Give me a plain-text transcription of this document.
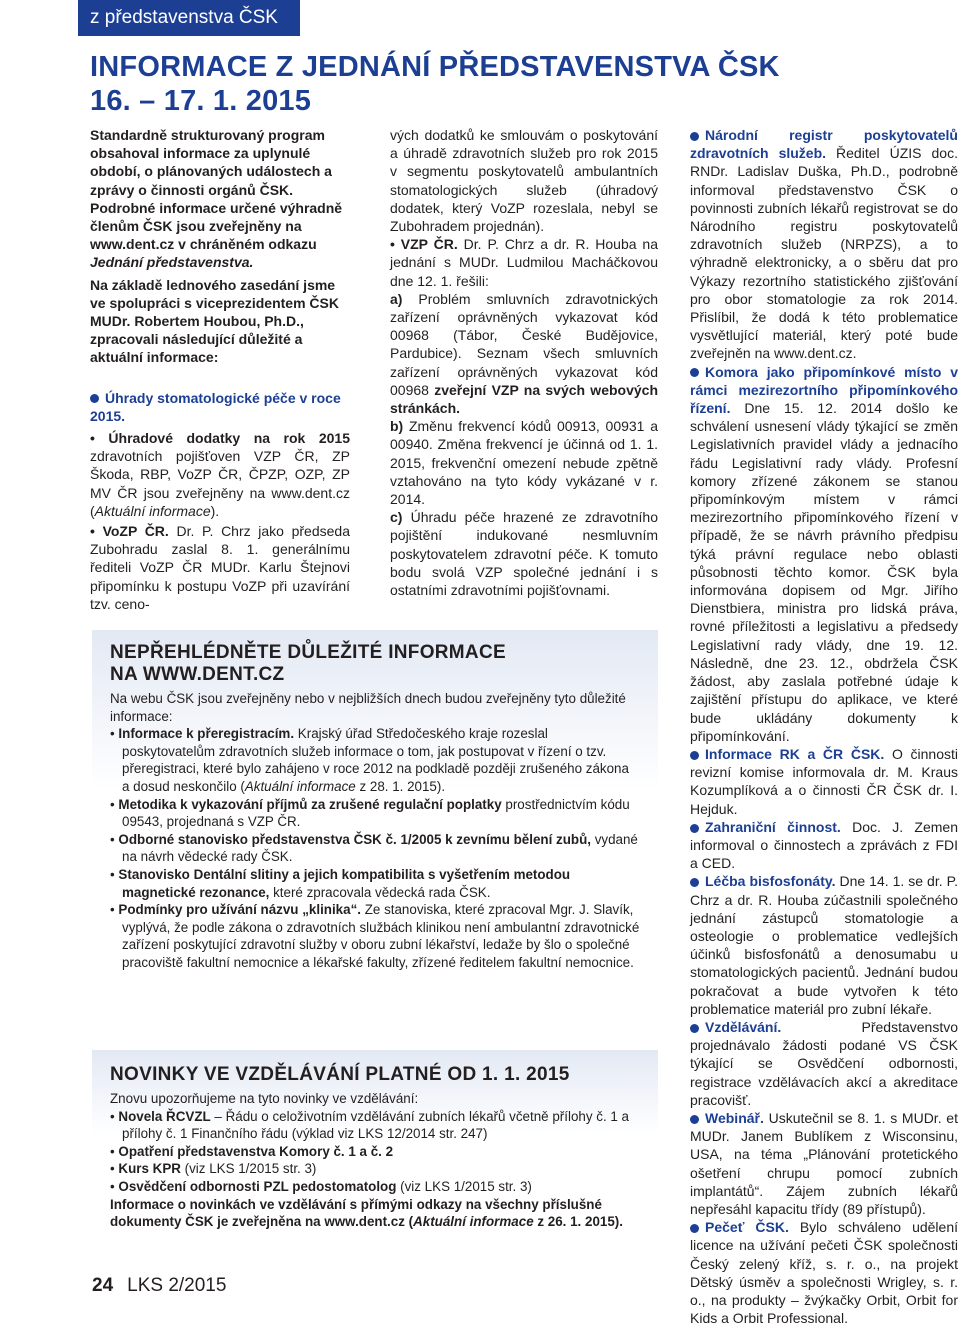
z představenstva ČSK
INFORMACE Z JEDNÁNÍ PŘEDSTAVENSTVA ČSK
16. – 17. 1. 2015

Standardně strukturovaný program obsahoval informace za uplynulé období, o plánovaných událostech a zprávy o činnosti orgánů ČSK. Podrobné informace určené výhradně členům ČSK jsou zveřejněny na www.dent.cz v chráněném odkazu Jednání představenstva.

Na základě lednového zasedání jsme ve spolupráci s viceprezidentem ČSK MUDr. Robertem Houbou, Ph.D., zpracovali následující důležité a aktuální informace:

Úhrady stomatologické péče v roce 2015.

• Úhradové dodatky na rok 2015 zdravotních pojišťoven VZP ČR, ZP Škoda, RBP, VoZP ČR, ČPZP, OZP, ZP MV ČR jsou zveřejněny na www.dent.cz (Aktuální informace).

• VoZP ČR. Dr. P. Chrz jako předseda Zubohradu zaslal 8. 1. generálnímu řediteli VoZP ČR MUDr. Karlu Štejnovi připomínku k postupu VoZP při uzavírání tzv. ceno-

vých dodatků ke smlouvám o poskytování a úhradě zdravotních služeb pro rok 2015 v segmentu poskytovatelů ambulantních stomatologických služeb (úhradový dodatek, který VoZP rozeslala, nebyl se Zubohradem projednán).

• VZP ČR. Dr. P. Chrz a dr. R. Houba na jednání s MUDr. Ludmilou Macháčkovou dne 12. 1. řešili:

a) Problém smluvních zdravotnických zařízení oprávněných vykazovat kód 00968 (Tábor, České Budějovice, Pardubice). Seznam všech smluvních zařízení oprávněných vykazovat kód 00968 zveřejní VZP na svých webových stránkách.

b) Změnu frekvencí kódů 00913, 00931 a 00940. Změna frekvencí je účinná od 1. 1. 2015, frekvenční omezení nebude zpětně vztahováno na tyto kódy vykázané v r. 2014.

c) Úhradu péče hrazené ze zdravotního pojištění indukované nesmluvním poskytovatelem zdravotní péče. K tomuto bodu svolá VZP společné jednání i s ostatními zdravotními pojišťovnami.

Národní registr poskytovatelů zdravotních služeb. Ředitel ÚZIS doc. RNDr. Ladislav Duška, Ph.D., podrobně informoval představenstvo ČSK o povinnosti zubních lékařů registrovat se do Národního registru poskytovatelů zdravotních služeb (NRPZS), a to výhradně elektronicky, a o sběru dat pro Výkazy rezortního statistického zjišťování pro obor stomatologie za rok 2014. Přislíbil, že dodá k této problematice vysvětlující materiál, který poté bude zveřejněn na www.dent.cz.

Komora jako připomínkové místo v rámci mezirezortního připomínkového řízení. Dne 15. 12. 2014 došlo ke schválení usnesení vlády týkající se změn Legislativních pravidel vlády a jednacího řádu Legislativní rady vlády. Profesní komory zřízené zákonem se stanou připomínkovým místem v rámci mezirezortního připomínkového řízení v případě, že se návrh právního předpisu týká právní regulace nebo oblasti působnosti těchto komor. ČSK byla informována dopisem od Mgr. Jiřího Dienstbiera, ministra pro lidská práva, rovné příležitosti a legislativu a předsedy Legislativní rady vlády, dne 19. 12. Následně, dne 23. 12., obdržela ČSK žádost, aby zaslala potřebné údaje k zajištění přístupu do aplikace, ve které bude ukládány dokumenty k připomínkování.

Informace RK a ČR ČSK. O činnosti revizní komise informovala dr. M. Kraus Kozumplíková a o činnosti ČR ČSK dr. I. Hejduk.

Zahraniční činnost. Doc. J. Zemen informoval o činnostech a zprávách z FDI a CED.

Léčba bisfosfonáty. Dne 14. 1. se dr. P. Chrz a dr. R. Houba zúčastnili společného jednání zástupců stomatologie a osteologie o problematice vedlejších účinků bisfosfonátů a denosumabu u stomatologických pacientů. Jednání budou pokračovat a bude vytvořen k této problematice materiál pro zubní lékaře.

Vzdělávání. Představenstvo projednávalo žádosti podané VS ČSK týkající se Osvědčení odbornosti, registrace vzdělávacích akcí a akreditace pracovišť.

Webinář. Uskutečnil se 8. 1. s MUDr. et MUDr. Janem Bublíkem z Wisconsinu, USA, na téma „Plánování protetického ošetření chrupu pomocí zubních implantátů“. Zájem zubních lékařů nepřesáhl kapacitu třídy (89 přístupů).

Pečeť ČSK. Bylo schváleno udělení licence na užívání pečeti ČSK společnosti Český zelený kříž, s. r. o., na projekt Dětský úsměv a společnosti Wrigley, s. r. o., na produkty – žvýkačky Orbit, Orbit for Kids a Orbit Professional.

NEPŘEHLÉDNĚTE DŮLEŽITÉ INFORMACE
NA WWW.DENT.CZ
Na webu ČSK jsou zveřejněny nebo v nejbližších dnech budou zveřejněny tyto důležité informace:
• Informace k přeregistracím. Krajský úřad Středočeského kraje rozeslal poskytovatelům zdravotních služeb informace o tom, jak postupovat v řízení o tzv. přeregistraci, které bylo zahájeno v roce 2012 na podkladě později zrušeného zákona a dosud neskončilo (Aktuální informace z 28. 1. 2015).
• Metodika k vykazování příjmů za zrušené regulační poplatky prostřednictvím kódu 09543, projednaná s VZP ČR.
• Odborné stanovisko představenstva ČSK č. 1/2005 k zevnímu bělení zubů, vydané na návrh vědecké rady ČSK.
• Stanovisko Dentální slitiny a jejich kompatibilita s vyšetřením metodou magnetické rezonance, které zpracovala vědecká rada ČSK.
• Podmínky pro užívání názvu „klinika“. Ze stanoviska, které zpracoval Mgr. J. Slavík, vyplývá, že podle zákona o zdravotních službách klinikou není ambulantní zdravotnické zařízení poskytující zdravotní služby v oboru zubní lékařství, ledaže by šlo o společné pracoviště fakultní nemocnice a lékařské fakulty, zřízené ředitelem fakultní nemocnice.
NOVINKY VE VZDĚLÁVÁNÍ PLATNÉ OD 1. 1. 2015
Znovu upozorňujeme na tyto novinky ve vzdělávání:
• Novela ŘCVZL – Řádu o celoživotním vzdělávání zubních lékařů včetně přílohy č. 1 a přílohy č. 1 Finančního řádu (výklad viz LKS 12/2014 str. 247)
• Opatření představenstva Komory č. 1 a č. 2
• Kurs KPR (viz LKS 1/2015 str. 3)
• Osvědčení odbornosti PZL pedostomatolog (viz LKS 1/2015 str. 3)
Informace o novinkách ve vzdělávání s přímými odkazy na všechny příslušné dokumenty ČSK je zveřejněna na www.dent.cz (Aktuální informace z 26. 1. 2015).
24 LKS 2/2015
